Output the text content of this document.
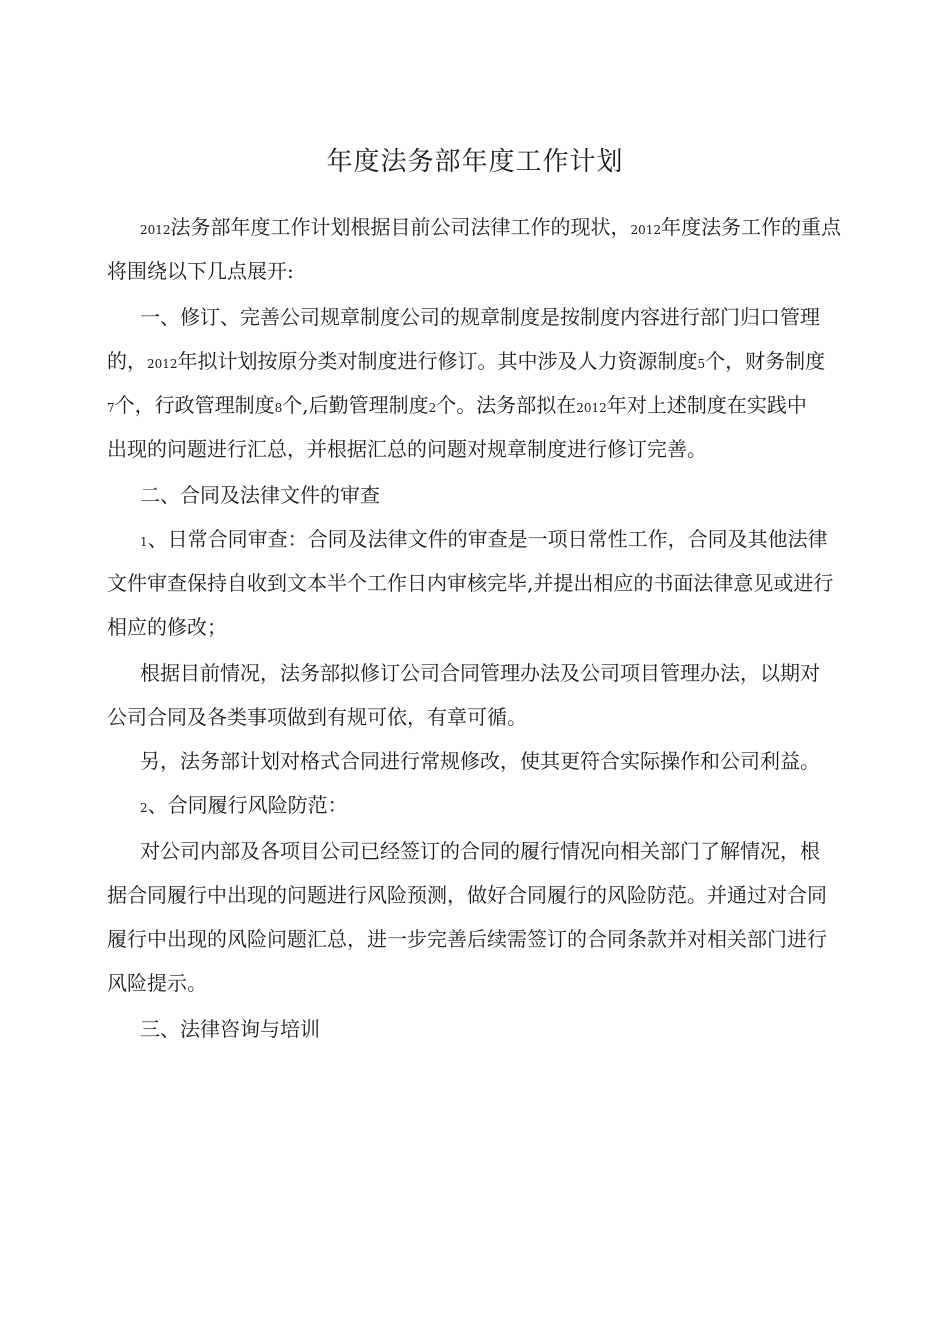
年度法务部年度工作计划
2012法务部年度工作计划根据目前公司法律工作的现状，2012年度法务工作的重点
将围绕以下几点展开:
一、修订、完善公司规章制度公司的规章制度是按制度内容进行部门归口管理
的，2012年拟计划按原分类对制度进行修订。其中涉及人力资源制度5个，财务制度
7个，行政管理制度8个,后勤管理制度2个。法务部拟在2012年对上述制度在实践中
出现的问题进行汇总，并根据汇总的问题对规章制度进行修订完善。
二、合同及法律文件的审查
1、日常合同审查：合同及法律文件的审查是一项日常性工作，合同及其他法律
文件审查保持自收到文本半个工作日内审核完毕,并提出相应的书面法律意见或进行
相应的修改；
根据目前情况，法务部拟修订公司合同管理办法及公司项目管理办法，以期对
公司合同及各类事项做到有规可依，有章可循。
另，法务部计划对格式合同进行常规修改，使其更符合实际操作和公司利益。
2、合同履行风险防范：
对公司内部及各项目公司已经签订的合同的履行情况向相关部门了解情况，根
据合同履行中出现的问题进行风险预测，做好合同履行的风险防范。并通过对合同
履行中出现的风险问题汇总，进一步完善后续需签订的合同条款并对相关部门进行
风险提示。
三、法律咨询与培训
